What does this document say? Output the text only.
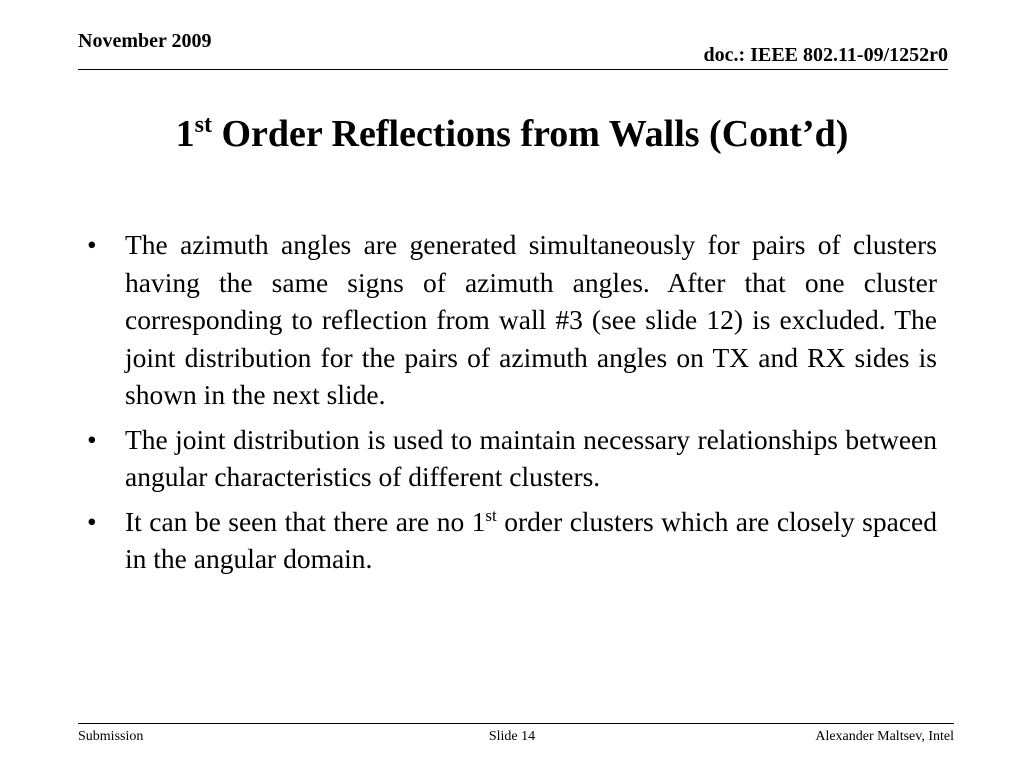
November 2009
doc.: IEEE 802.11-09/1252r0
1st Order Reflections from Walls (Cont’d)
• The azimuth angles are generated simultaneously for pairs of clusters having the same signs of azimuth angles. After that one cluster corresponding to reflection from wall #3 (see slide 12) is excluded. The joint distribution for the pairs of azimuth angles on TX and RX sides is shown in the next slide.
• The joint distribution is used to maintain necessary relationships between angular characteristics of different clusters.
• It can be seen that there are no 1st order clusters which are closely spaced in the angular domain.
Submission	Slide 14	Alexander Maltsev, Intel
